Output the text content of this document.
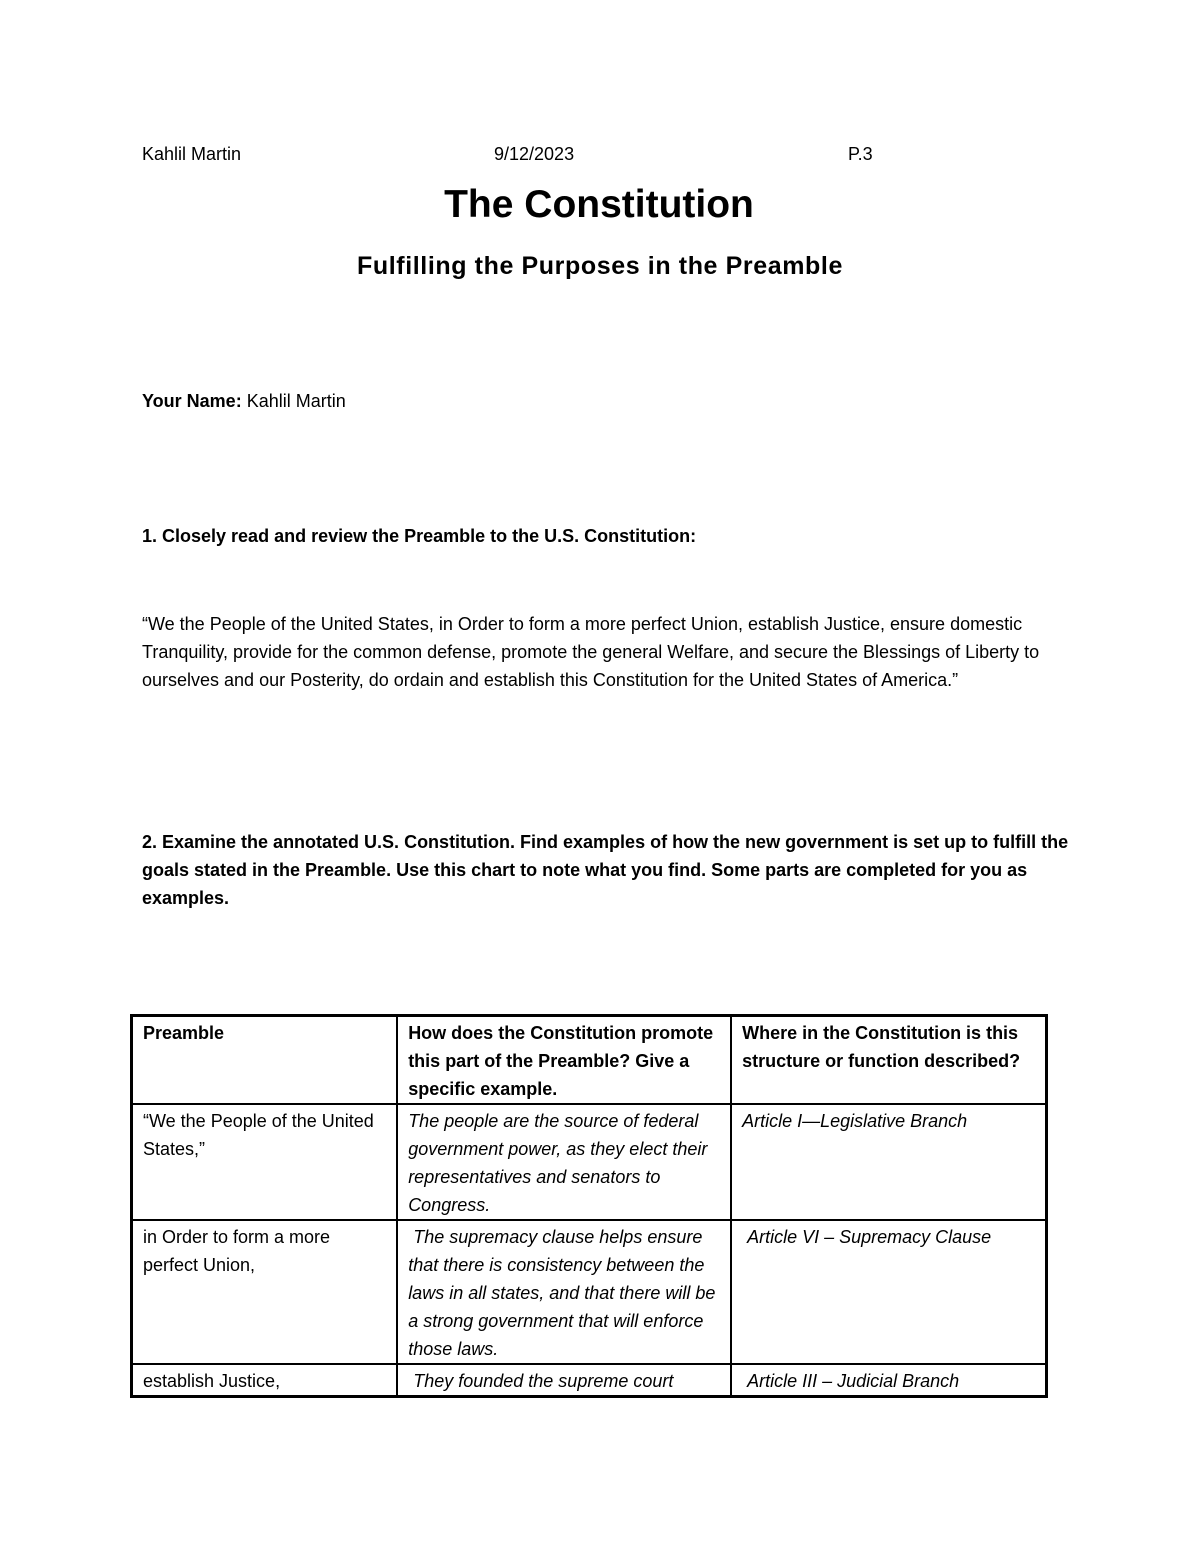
Kahlil Martin	9/12/2023	P.3
The Constitution
Fulfilling the Purposes in the Preamble
Your Name: Kahlil Martin
1. Closely read and review the Preamble to the U.S. Constitution:
“We the People of the United States, in Order to form a more perfect Union, establish Justice, ensure domestic Tranquility, provide for the common defense, promote the general Welfare, and secure the Blessings of Liberty to ourselves and our Posterity, do ordain and establish this Constitution for the United States of America.”
2. Examine the annotated U.S. Constitution. Find examples of how the new government is set up to fulfill the goals stated in the Preamble. Use this chart to note what you find. Some parts are completed for you as examples.
Preamble	How does the Constitution promote this part of the Preamble? Give a specific example.	Where in the Constitution is this structure or function described?
“We the People of the United States,”	The people are the source of federal government power, as they elect their representatives and senators to Congress.	Article I—Legislative Branch
in Order to form a more perfect Union,	The supremacy clause helps ensure that there is consistency between the laws in all states, and that there will be a strong government that will enforce those laws.	Article VI – Supremacy Clause
establish Justice,	They founded the supreme court	Article III – Judicial Branch
